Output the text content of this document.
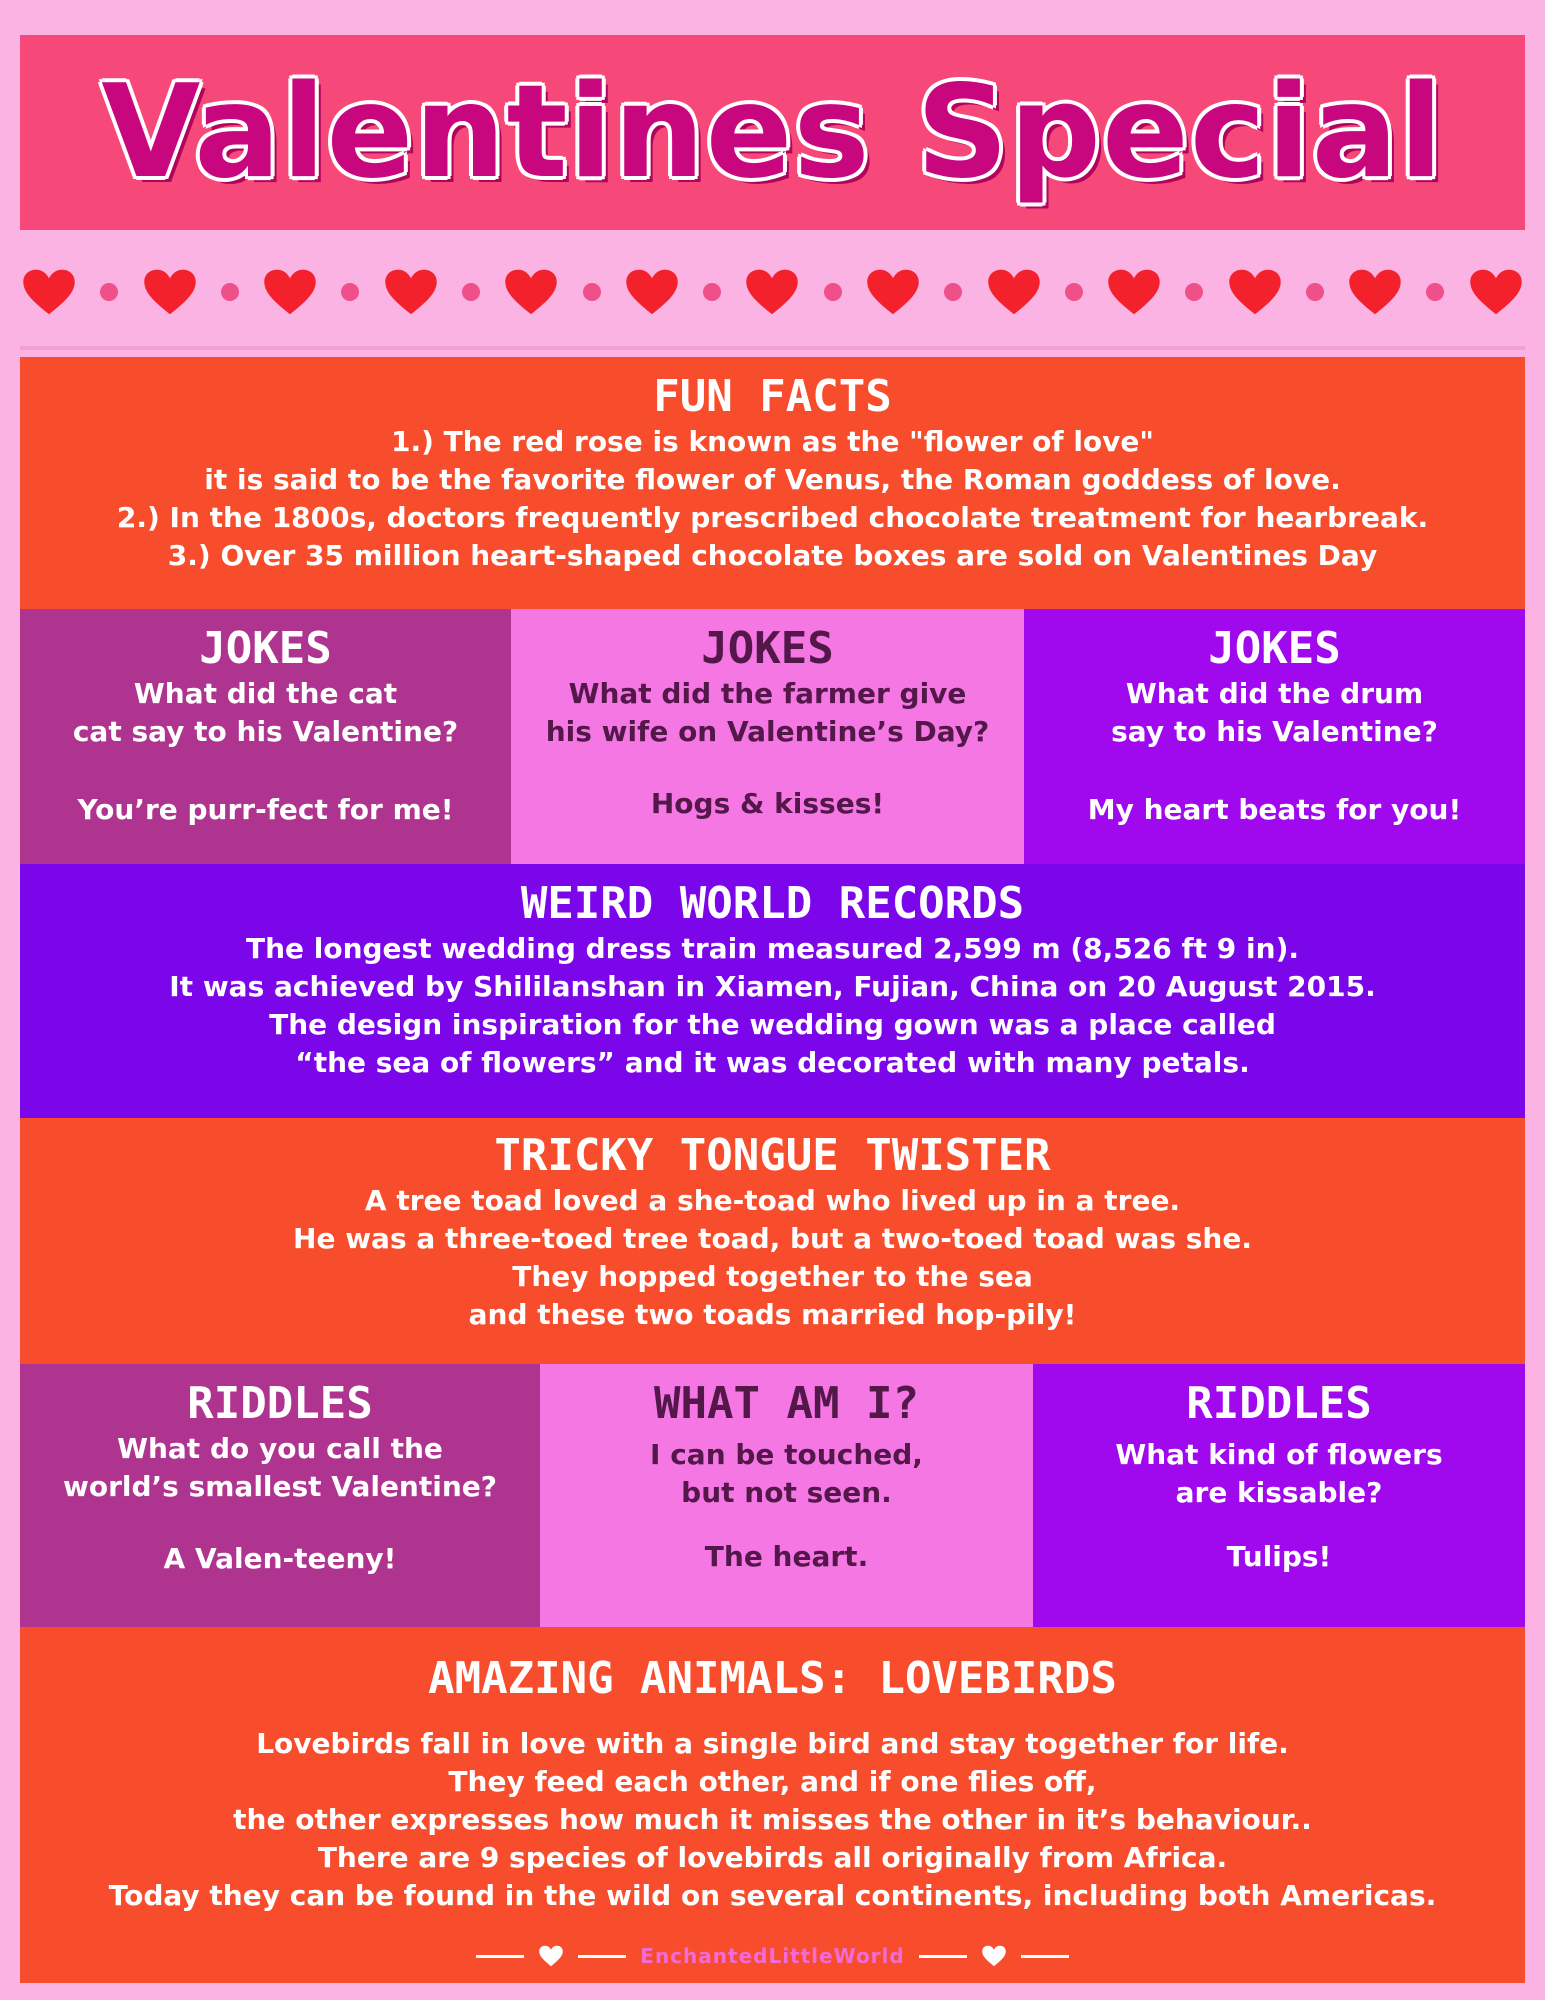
Valentines Special
FUN FACTS
1.) The red rose is known as the "flower of love"
it is said to be the favorite flower of Venus, the Roman goddess of love.
2.) In the 1800s, doctors frequently prescribed chocolate treatment for hearbreak.
3.) Over 35 million heart-shaped chocolate boxes are sold on Valentines Day
JOKES
What did the cat
cat say to his Valentine?
You’re purr-fect for me!
JOKES
What did the farmer give
his wife on Valentine’s Day?
Hogs & kisses!
JOKES
What did the drum
say to his Valentine?
My heart beats for you!
WEIRD WORLD RECORDS
The longest wedding dress train measured 2,599 m (8,526 ft 9 in).
It was achieved by Shililanshan in Xiamen, Fujian, China on 20 August 2015.
The design inspiration for the wedding gown was a place called
“the sea of flowers” and it was decorated with many petals.
TRICKY TONGUE TWISTER
A tree toad loved a she-toad who lived up in a tree.
He was a three-toed tree toad, but a two-toed toad was she.
They hopped together to the sea
and these two toads married hop-pily!
RIDDLES
What do you call the
world’s smallest Valentine?
A Valen-teeny!
WHAT AM I?
I can be touched,
but not seen.
The heart.
RIDDLES
What kind of flowers
are kissable?
Tulips!
AMAZING ANIMALS: LOVEBIRDS
Lovebirds fall in love with a single bird and stay together for life.
They feed each other, and if one flies off,
the other expresses how much it misses the other in it’s behaviour..
There are 9 species of lovebirds all originally from Africa.
Today they can be found in the wild on several continents, including both Americas.
EnchantedLittleWorld
